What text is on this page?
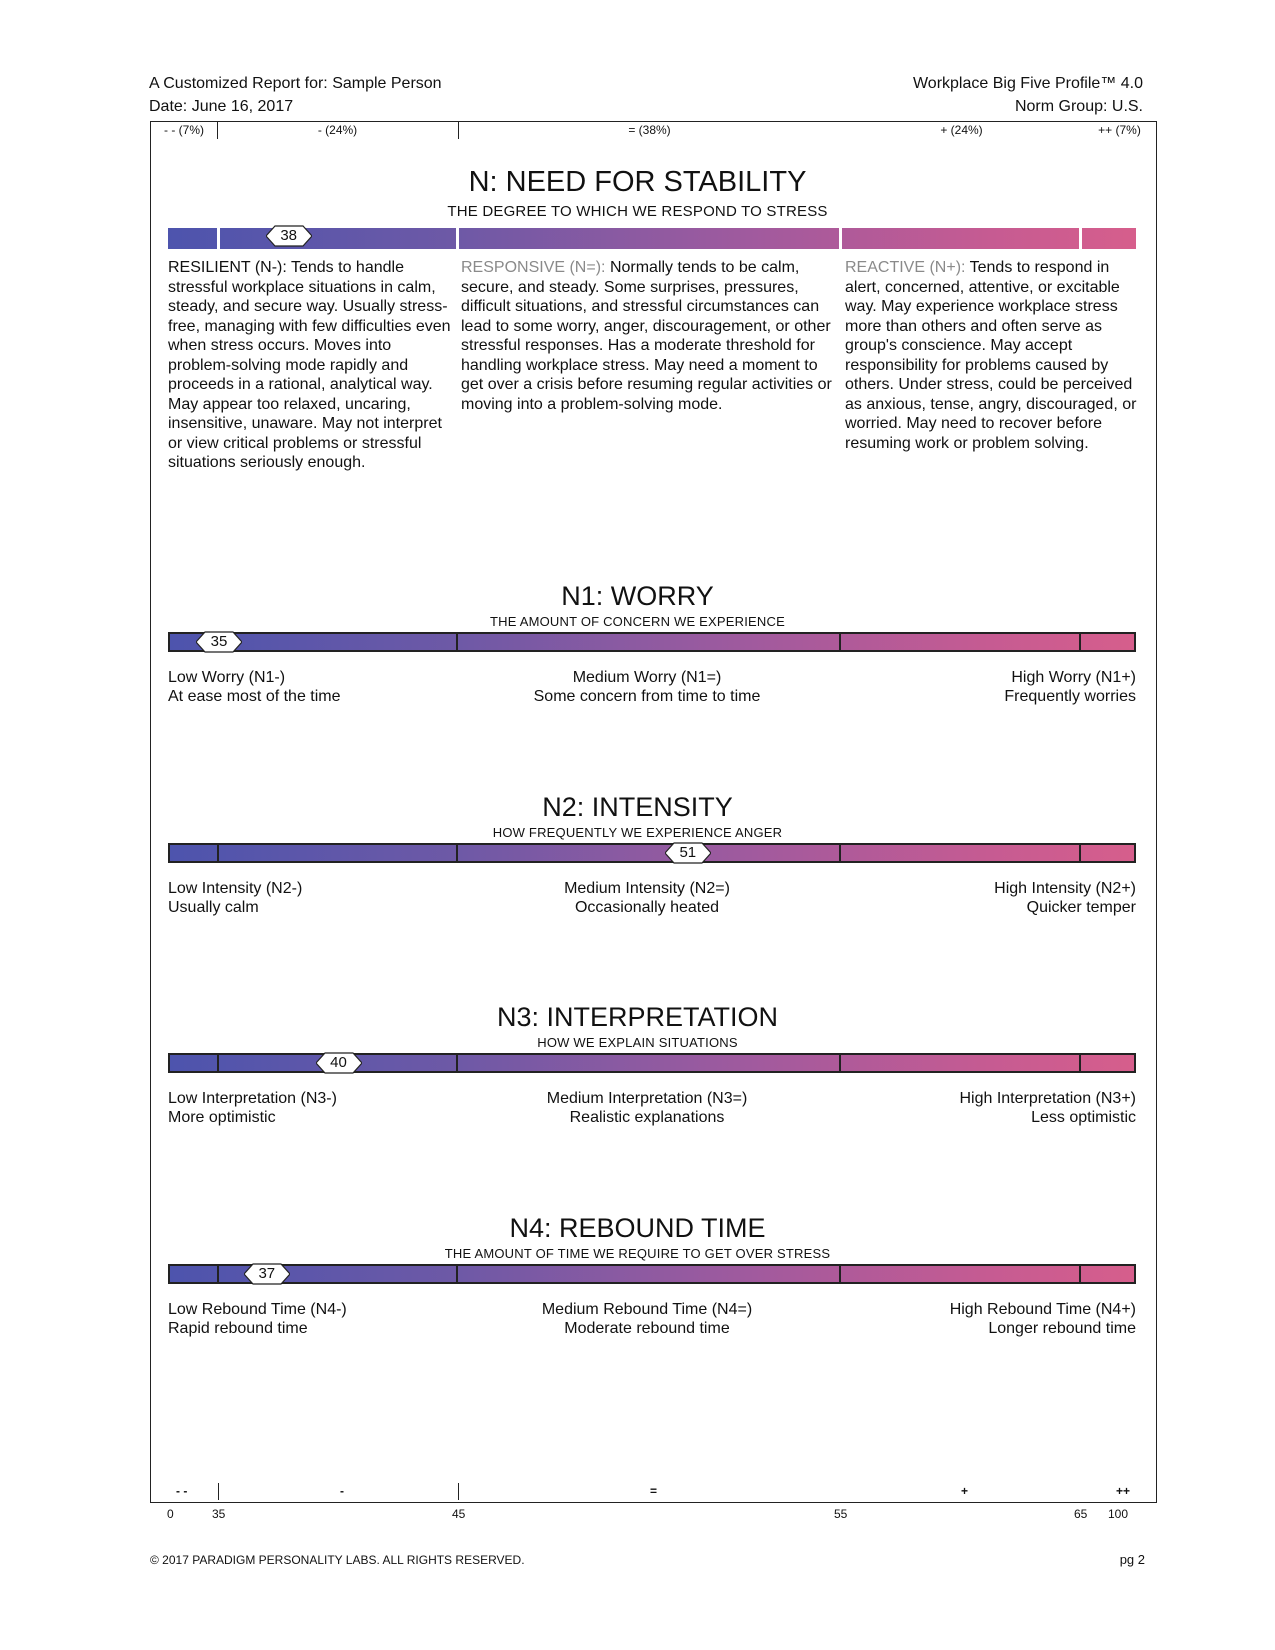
A Customized Report for: Sample Person
Date: June 16, 2017
Workplace Big Five Profile™ 4.0
Norm Group: U.S.
- - (7%)	- (24%)	= (38%)	+ (24%)	++ (7%)
N: NEED FOR STABILITY
THE DEGREE TO WHICH WE RESPOND TO STRESS
38
RESILIENT (N-): Tends to handle stressful workplace situations in calm, steady, and secure way. Usually stress-free, managing with few difficulties even when stress occurs. Moves into problem-solving mode rapidly and proceeds in a rational, analytical way. May appear too relaxed, uncaring, insensitive, unaware. May not interpret or view critical problems or stressful situations seriously enough.
RESPONSIVE (N=): Normally tends to be calm, secure, and steady. Some surprises, pressures, difficult situations, and stressful circumstances can lead to some worry, anger, discouragement, or other stressful responses. Has a moderate threshold for handling workplace stress. May need a moment to get over a crisis before resuming regular activities or moving into a problem-solving mode.
REACTIVE (N+): Tends to respond in alert, concerned, attentive, or excitable way. May experience workplace stress more than others and often serve as group's conscience. May accept responsibility for problems caused by others. Under stress, could be perceived as anxious, tense, angry, discouraged, or worried. May need to recover before resuming work or problem solving.
N1: WORRY
THE AMOUNT OF CONCERN WE EXPERIENCE
35
Low Worry (N1-)
At ease most of the time
Medium Worry (N1=)
Some concern from time to time
High Worry (N1+)
Frequently worries
N2: INTENSITY
HOW FREQUENTLY WE EXPERIENCE ANGER
51
Low Intensity (N2-)
Usually calm
Medium Intensity (N2=)
Occasionally heated
High Intensity (N2+)
Quicker temper
N3: INTERPRETATION
HOW WE EXPLAIN SITUATIONS
40
Low Interpretation (N3-)
More optimistic
Medium Interpretation (N3=)
Realistic explanations
High Interpretation (N3+)
Less optimistic
N4: REBOUND TIME
THE AMOUNT OF TIME WE REQUIRE TO GET OVER STRESS
37
Low Rebound Time (N4-)
Rapid rebound time
Medium Rebound Time (N4=)
Moderate rebound time
High Rebound Time (N4+)
Longer rebound time
- -	-	=	+	++
0	35	45	55	65 100
© 2017 PARADIGM PERSONALITY LABS. ALL RIGHTS RESERVED.	pg 2
